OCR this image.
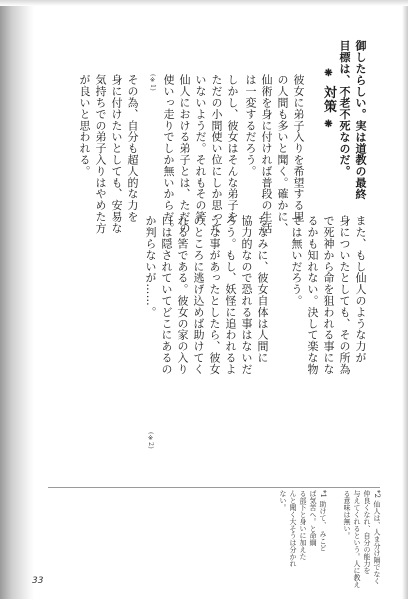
御したらしい。実は道教の最終
目標は、不老不死なのだ。
❋ 対策 ❋
彼女に弟子入りを希望する里
の人間も多いと聞く。確かに、
仙術を身に付ければ普段の生活
は一変するだろう。
しかし、彼女はそんな弟子を
ただの小間使い位にしか思って
いないようだ。それもその筈、
仙人における弟子とは、ただの
使いっ走りでしか無いからだ。
(※1)
その為、自分も超人的な力を
身に付けたいとしても、安易な
気持ちでの弟子入りはやめた方
が良いと思われる。
また、もし仙人のような力が
身についたとしても、その所為
で死神から命を狙われる事にな
るかも知れない。決して楽な物
では無いだろう。
ちなみに、彼女自体は人間に
協力的なので恐れる事はないだ
ろう。もし、妖怪に追われるよ
うな事があったとしたら、彼女
のところに逃げ込めば助けてく
れる筈である。彼女の家の入り
口は隠されていてどこにあるの
か判らないが……。
(※2)
*2 仙人は、人ま分け隔でなく
仲良くなれ、自分の能力を
与えてくれるという。人に教え
る意味は無い。
*1 助けて、 みこど
ば気苦へ。と命綱
る部下と身いに加えた
んと聞く大そうは分かれ
ない。
33
